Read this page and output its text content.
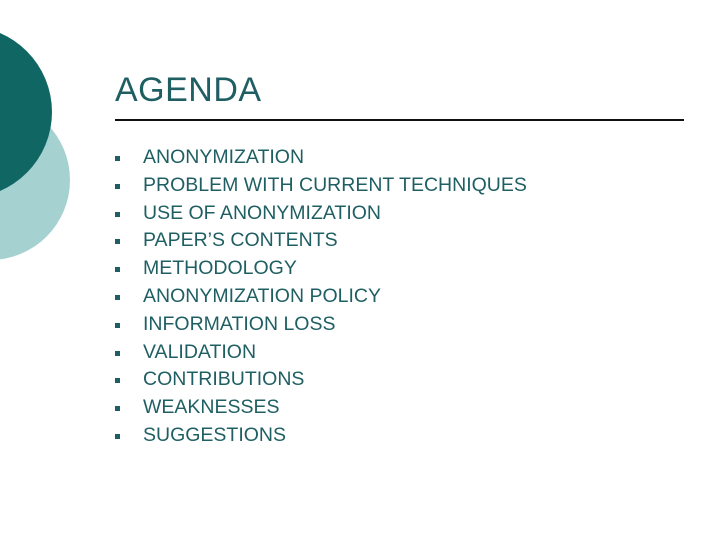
AGENDA
ANONYMIZATION
PROBLEM WITH CURRENT TECHNIQUES
USE OF ANONYMIZATION
PAPER’S CONTENTS
METHODOLOGY
ANONYMIZATION POLICY
INFORMATION LOSS
VALIDATION
CONTRIBUTIONS
WEAKNESSES
SUGGESTIONS
